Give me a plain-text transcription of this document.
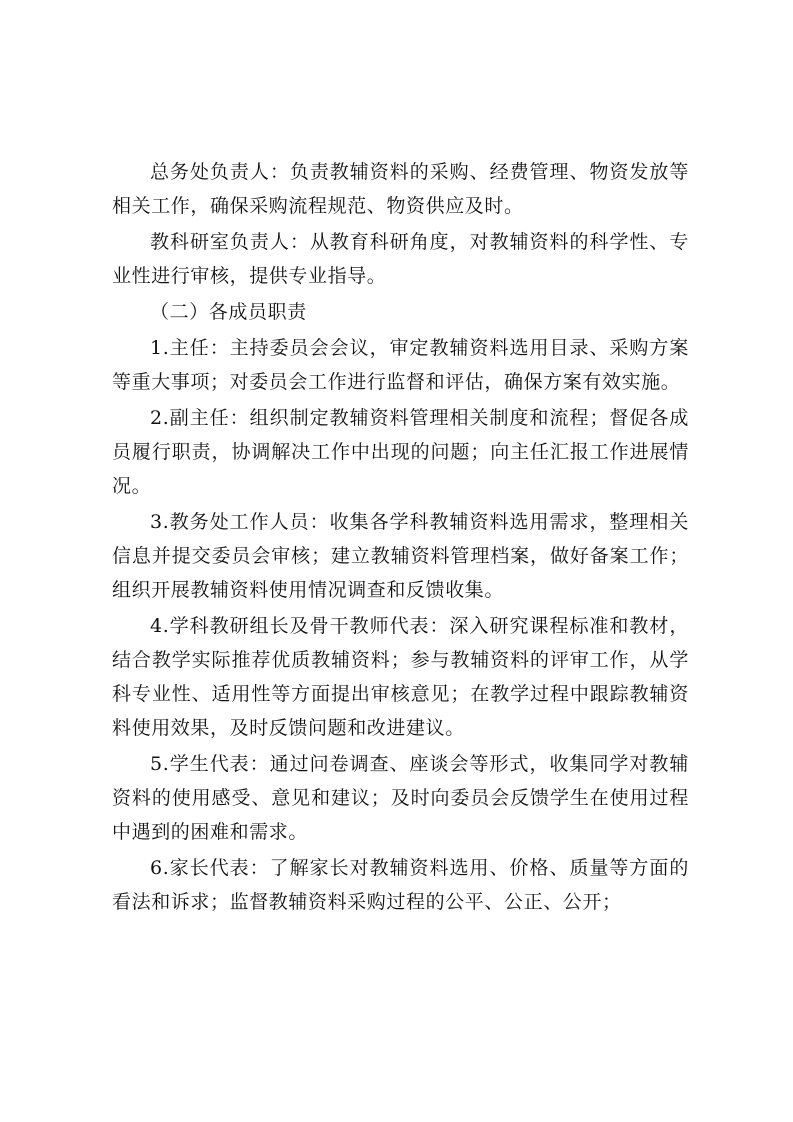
总务处负责人：负责教辅资料的采购、经费管理、物资发放等相关工作，确保采购流程规范、物资供应及时。

教科研室负责人：从教育科研角度，对教辅资料的科学性、专业性进行审核，提供专业指导。

（二）各成员职责

1.主任：主持委员会会议，审定教辅资料选用目录、采购方案等重大事项；对委员会工作进行监督和评估，确保方案有效实施。

2.副主任：组织制定教辅资料管理相关制度和流程；督促各成员履行职责，协调解决工作中出现的问题；向主任汇报工作进展情况。

3.教务处工作人员：收集各学科教辅资料选用需求，整理相关信息并提交委员会审核；建立教辅资料管理档案，做好备案工作；组织开展教辅资料使用情况调查和反馈收集。

4.学科教研组长及骨干教师代表：深入研究课程标准和教材，结合教学实际推荐优质教辅资料；参与教辅资料的评审工作，从学科专业性、适用性等方面提出审核意见；在教学过程中跟踪教辅资料使用效果，及时反馈问题和改进建议。

5.学生代表：通过问卷调查、座谈会等形式，收集同学对教辅资料的使用感受、意见和建议；及时向委员会反馈学生在使用过程中遇到的困难和需求。

6.家长代表：了解家长对教辅资料选用、价格、质量等方面的看法和诉求；监督教辅资料采购过程的公平、公正、公开；
